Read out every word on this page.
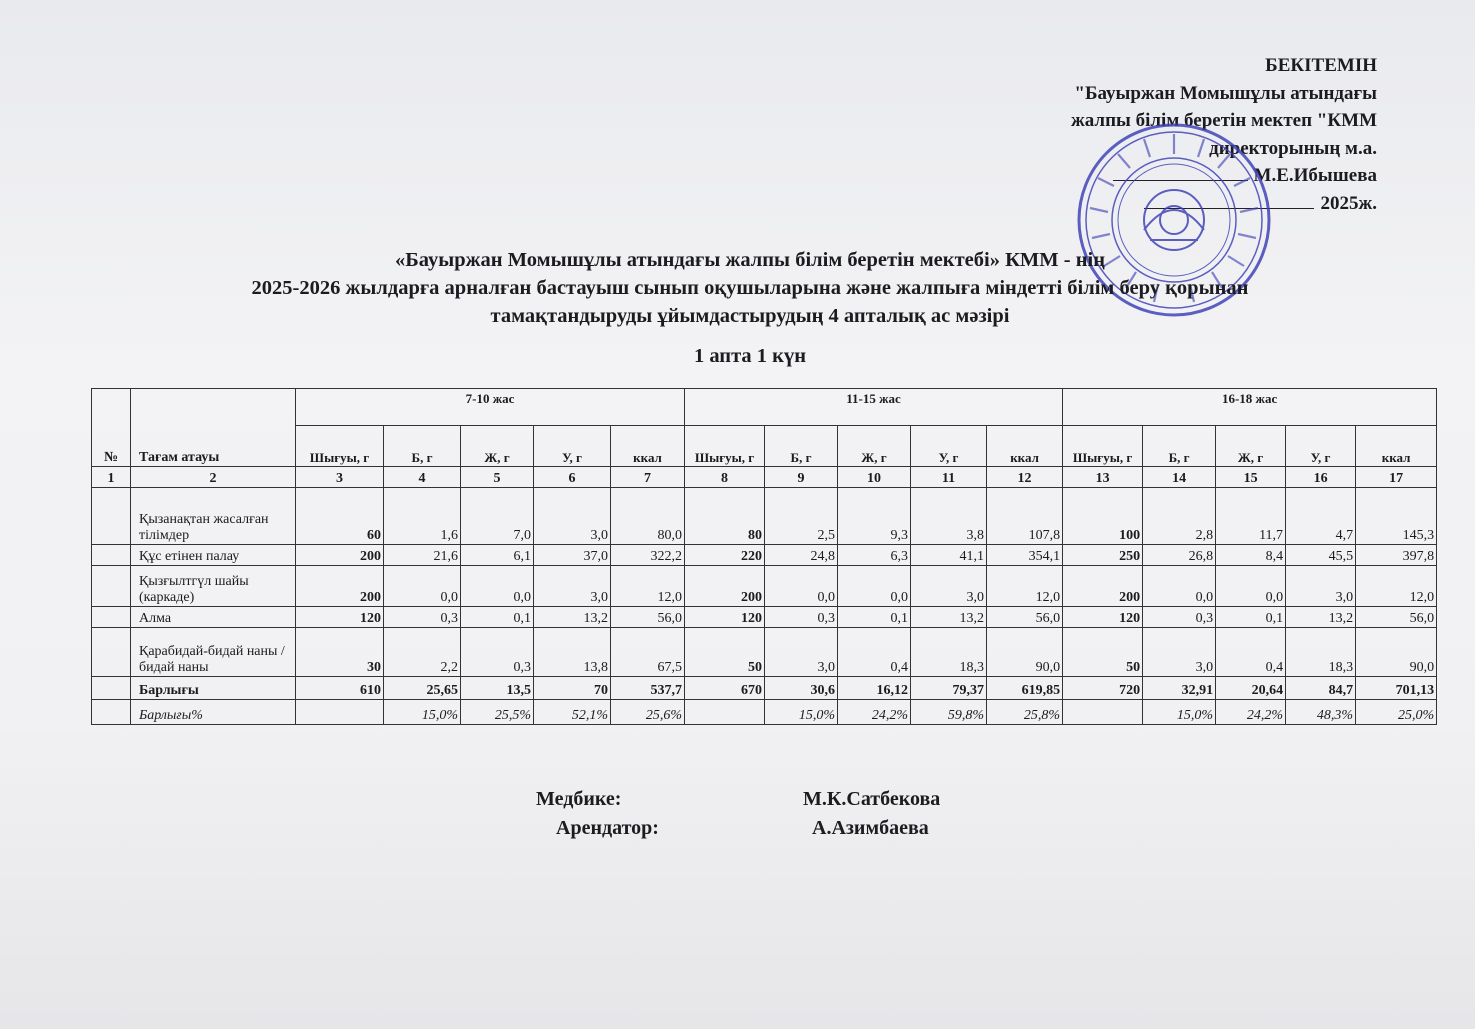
БЕКІТЕМІН
"Бауыржан Момышұлы атындағы
жалпы білім беретін мектеп "КММ
директорының м.а.
М.Е.Ибышева
2025ж.
«Бауыржан Момышұлы атындағы жалпы білім беретін мектебі» КММ - нің
2025-2026 жылдарға арналған бастауыш сынып оқушыларына және жалпыға міндетті білім беру қорынан
тамақтандыруды ұйымдастырудың 4 апталық ас мәзірі
1 апта 1 күн
№	Тағам атауы	7-10 жас					11-15 жас					16-18 жас				
		Шығуы, г	Б, г	Ж, г	У, г	ккал	Шығуы, г	Б, г	Ж, г	У, г	ккал	Шығуы, г	Б, г	Ж, г	У, г	ккал
1	2	3	4	5	6	7	8	9	10	11	12	13	14	15	16	17
	Қызанақтан жасалған тілімдер	60	1,6	7,0	3,0	80,0	80	2,5	9,3	3,8	107,8	100	2,8	11,7	4,7	145,3
	Құс етінен палау	200	21,6	6,1	37,0	322,2	220	24,8	6,3	41,1	354,1	250	26,8	8,4	45,5	397,8
	Қызғылтгүл шайы (каркаде)	200	0,0	0,0	3,0	12,0	200	0,0	0,0	3,0	12,0	200	0,0	0,0	3,0	12,0
	Алма	120	0,3	0,1	13,2	56,0	120	0,3	0,1	13,2	56,0	120	0,3	0,1	13,2	56,0
	Қарабидай-бидай наны / бидай наны	30	2,2	0,3	13,8	67,5	50	3,0	0,4	18,3	90,0	50	3,0	0,4	18,3	90,0
	Барлығы	610	25,65	13,5	70	537,7	670	30,6	16,12	79,37	619,85	720	32,91	20,64	84,7	701,13
	Барлығы%		15,0%	25,5%	52,1%	25,6%		15,0%	24,2%	59,8%	25,8%		15,0%	24,2%	48,3%	25,0%
Медбике:	М.К.Сатбекова
Арендатор:	А.Азимбаева
